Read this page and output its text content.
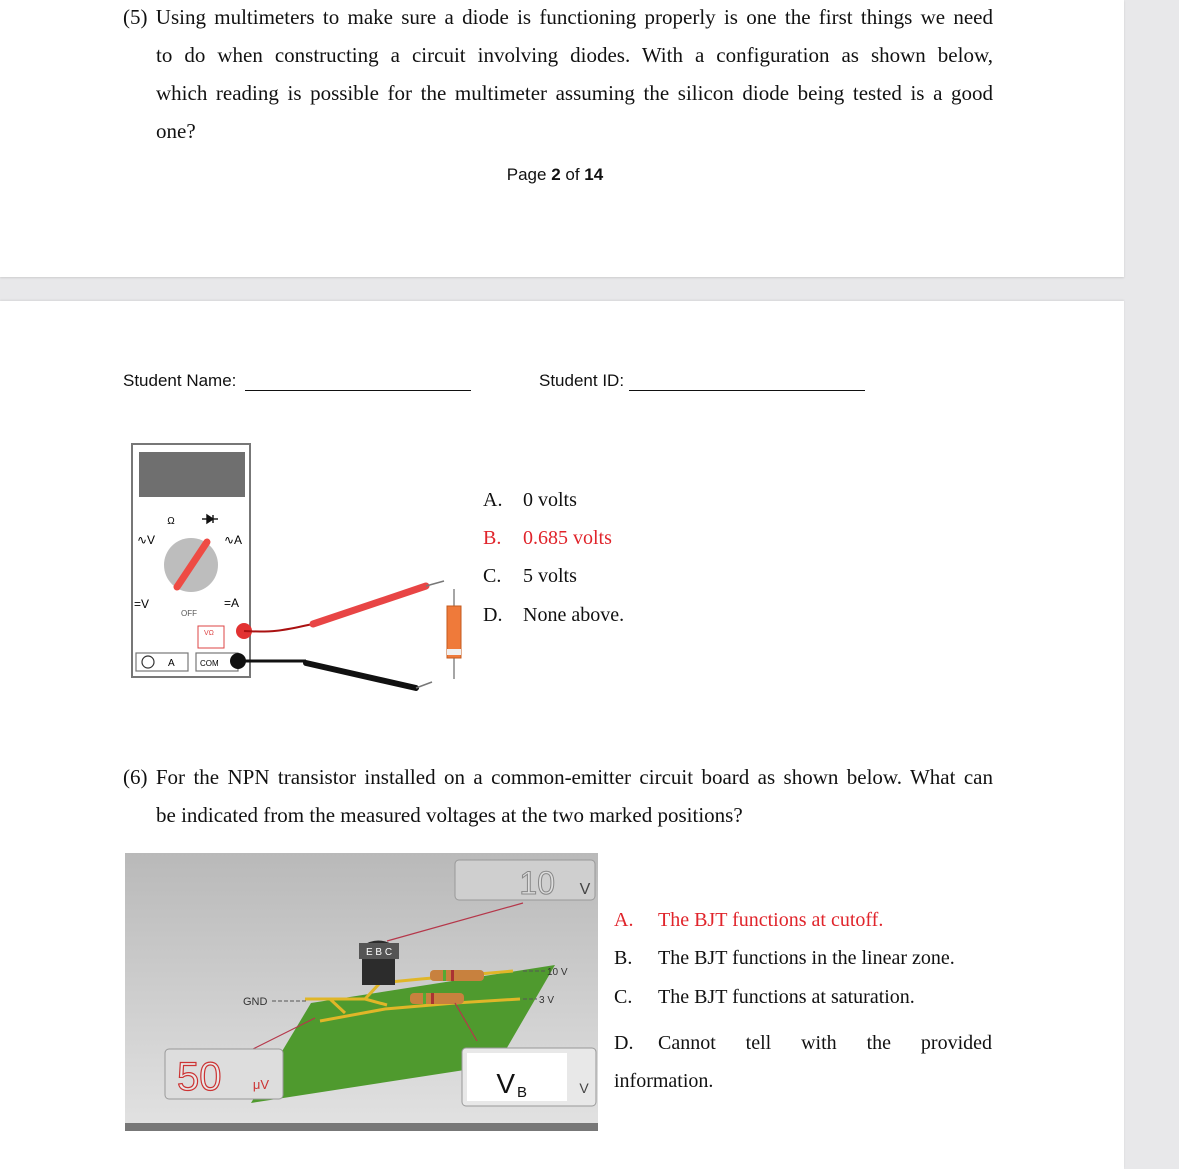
(5) Using multimeters to make sure a diode is functioning properly is one the first things we need
to do when constructing a circuit involving diodes. With a configuration as shown below,
which reading is possible for the multimeter assuming the silicon diode being tested is a good
one?
Page 2 of 14
Student Name:	Student ID:
Ω
∿V	∿A
=V	=A
OFF
VΩ
A	COM
A. 0 volts
B. 0.685 volts
C. 5 volts
D. None above.
(6) For the NPN transistor installed on a common-emitter circuit board as shown below. What can
be indicated from the measured voltages at the two marked positions?
E B C
GND
10 V
3 V
10 V
50 μV	V B	V
A. The BJT functions at cutoff.
B. The BJT functions in the linear zone.
C. The BJT functions at saturation.
D. Cannot tell with the provided
information.
